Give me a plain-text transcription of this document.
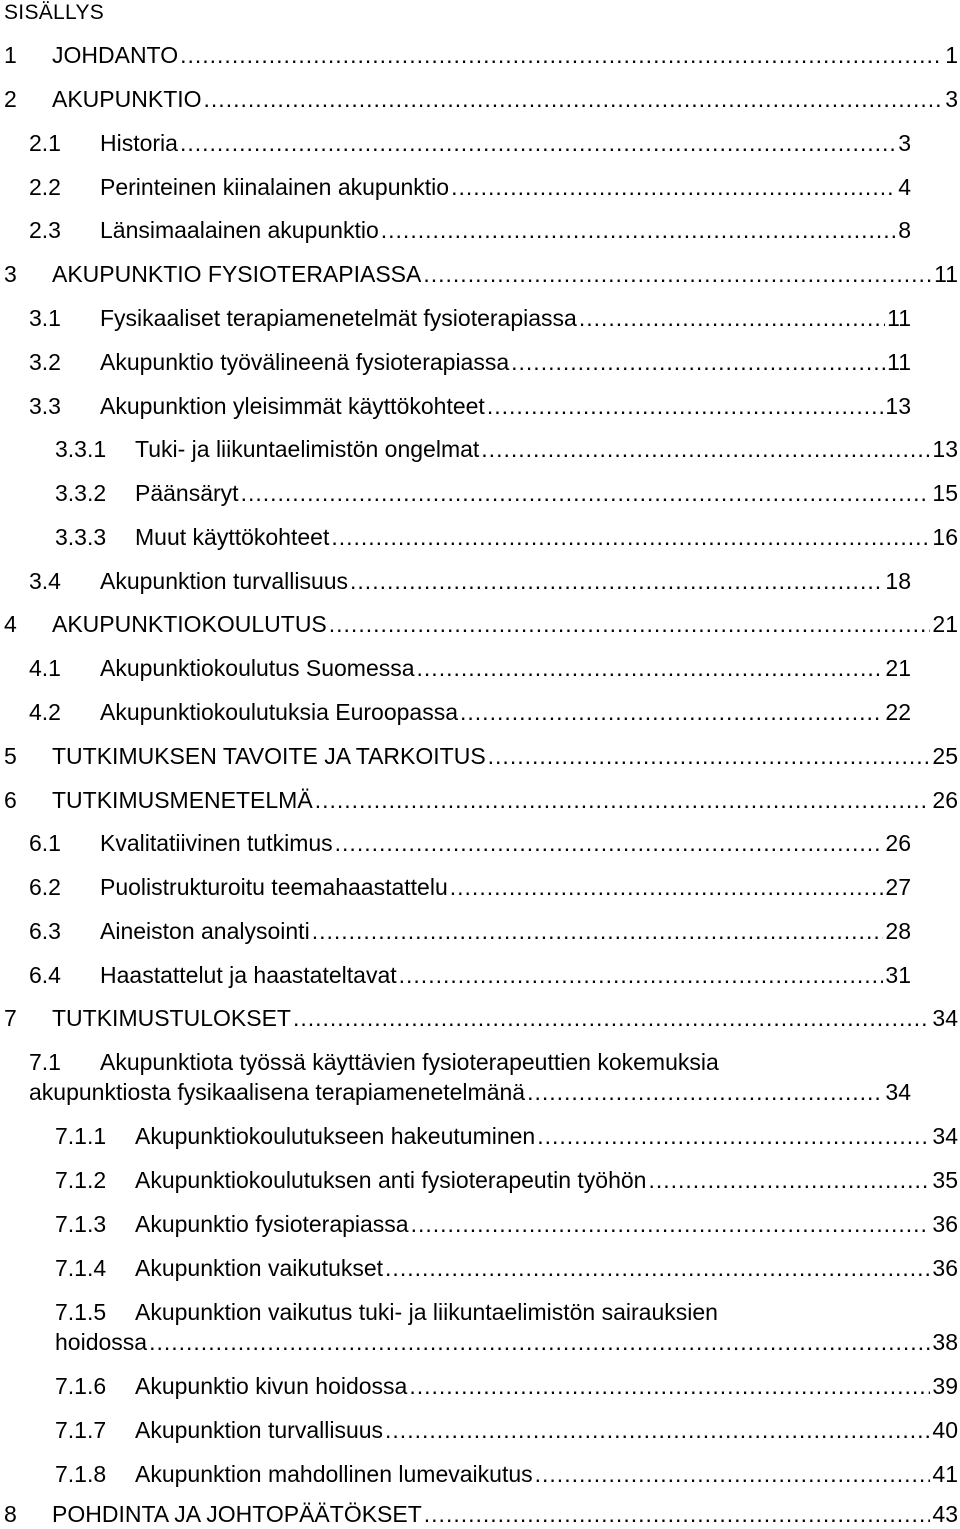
SISÄLLYS
1	JOHDANTO .....	1
2	AKUPUNKTIO .....	3
2.1	Historia .....	3
2.2	Perinteinen kiinalainen akupunktio .....	4
2.3	Länsimaalainen akupunktio .....	8
3	AKUPUNKTIO FYSIOTERAPIASSA .....	11
3.1	Fysikaaliset terapiamenetelmät fysioterapiassa .....	11
3.2	Akupunktio työvälineenä fysioterapiassa .....	11
3.3	Akupunktion yleisimmät käyttökohteet .....	13
3.3.1	Tuki- ja liikuntaelimistön ongelmat .....	13
3.3.2	Päänsäryt .....	15
3.3.3	Muut käyttökohteet .....	16
3.4	Akupunktion turvallisuus .....	18
4	AKUPUNKTIOKOULUTUS .....	21
4.1	Akupunktiokoulutus Suomessa .....	21
4.2	Akupunktiokoulutuksia Euroopassa .....	22
5	TUTKIMUKSEN TAVOITE JA TARKOITUS .....	25
6	TUTKIMUSMENETELMÄ .....	26
6.1	Kvalitatiivinen tutkimus .....	26
6.2	Puolistrukturoitu teemahaastattelu .....	27
6.3	Aineiston analysointi .....	28
6.4	Haastattelut ja haastateltavat .....	31
7	TUTKIMUSTULOKSET .....	34
7.1 Akupunktiota työssä käyttävien fysioterapeuttien kokemuksia
akupunktiosta fysikaalisena terapiamenetelmänä .....	34
7.1.1	Akupunktiokoulutukseen hakeutuminen .....	34
7.1.2	Akupunktiokoulutuksen anti fysioterapeutin työhön .....	35
7.1.3	Akupunktio fysioterapiassa .....	36
7.1.4	Akupunktion vaikutukset .....	36
7.1.5 Akupunktion vaikutus tuki- ja liikuntaelimistön sairauksien
hoidossa .....	38
7.1.6	Akupunktio kivun hoidossa .....	39
7.1.7	Akupunktion turvallisuus .....	40
7.1.8	Akupunktion mahdollinen lumevaikutus .....	41
8	POHDINTA JA JOHTOPÄÄTÖKSET .....	43
